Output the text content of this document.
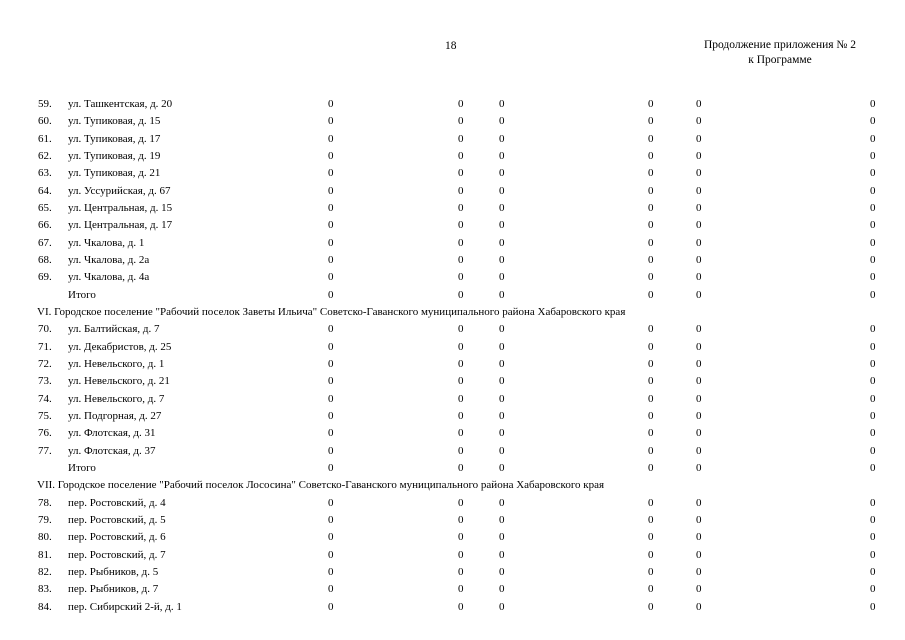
18	Продолжение приложения № 2
к Программе
59.	ул. Ташкентская, д. 20	0	0	0	0	0	0
60.	ул. Тупиковая, д. 15	0	0	0	0	0	0
61.	ул. Тупиковая, д. 17	0	0	0	0	0	0
62.	ул. Тупиковая, д. 19	0	0	0	0	0	0
63.	ул. Тупиковая, д. 21	0	0	0	0	0	0
64.	ул. Уссурийская, д. 67	0	0	0	0	0	0
65.	ул. Центральная, д. 15	0	0	0	0	0	0
66.	ул. Центральная, д. 17	0	0	0	0	0	0
67.	ул. Чкалова, д. 1	0	0	0	0	0	0
68.	ул. Чкалова, д. 2а	0	0	0	0	0	0
69.	ул. Чкалова, д. 4а	0	0	0	0	0	0
Итого	0	0	0	0	0	0
VI. Городское поселение "Рабочий поселок Заветы Ильича" Советско-Гаванского муниципального района Хабаровского края
70.	ул. Балтийская, д. 7	0	0	0	0	0	0
71.	ул. Декабристов, д. 25	0	0	0	0	0	0
72.	ул. Невельского, д. 1	0	0	0	0	0	0
73.	ул. Невельского, д. 21	0	0	0	0	0	0
74.	ул. Невельского, д. 7	0	0	0	0	0	0
75.	ул. Подгорная, д. 27	0	0	0	0	0	0
76.	ул. Флотская, д. 31	0	0	0	0	0	0
77.	ул. Флотская, д. 37	0	0	0	0	0	0
Итого	0	0	0	0	0	0
VII. Городское поселение "Рабочий поселок Лососина" Советско-Гаванского муниципального района Хабаровского края
78.	пер. Ростовский, д. 4	0	0	0	0	0	0
79.	пер. Ростовский, д. 5	0	0	0	0	0	0
80.	пер. Ростовский, д. 6	0	0	0	0	0	0
81.	пер. Ростовский, д. 7	0	0	0	0	0	0
82.	пер. Рыбников, д. 5	0	0	0	0	0	0
83.	пер. Рыбников, д. 7	0	0	0	0	0	0
84.	пер. Сибирский 2-й, д. 1	0	0	0	0	0	0
